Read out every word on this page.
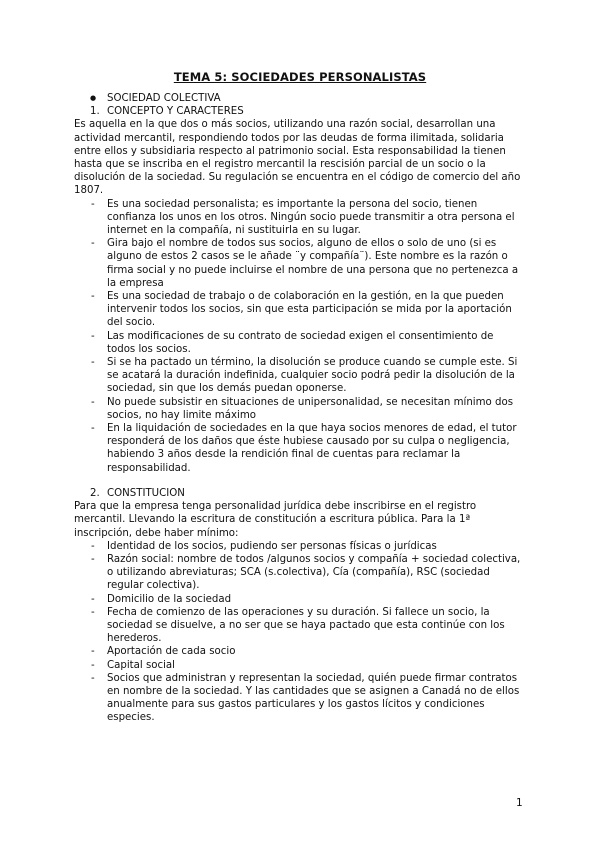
TEMA 5: SOCIEDADES PERSONALISTAS

● SOCIEDAD COLECTIVA

1. CONCEPTO Y CARACTERES

Es aquella en la que dos o más socios, utilizando una razón social, desarrollan una actividad mercantil, respondiendo todos por las deudas de forma ilimitada, solidaria entre ellos y subsidiaria respecto al patrimonio social. Esta responsabilidad la tienen hasta que se inscriba en el registro mercantil la rescisión parcial de un socio o la disolución de la sociedad. Su regulación se encuentra en el código de comercio del año 1807.

- Es una sociedad personalista; es importante la persona del socio, tienen confianza los unos en los otros. Ningún socio puede transmitir a otra persona el internet en la compañía, ni sustituirla en su lugar.
- Gira bajo el nombre de todos sus socios, alguno de ellos o solo de uno (si es alguno de estos 2 casos se le añade ¨y compañía¨). Este nombre es la razón o firma social y no puede incluirse el nombre de una persona que no pertenezca a la empresa
- Es una sociedad de trabajo o de colaboración en la gestión, en la que pueden intervenir todos los socios, sin que esta participación se mida por la aportación del socio.
- Las modificaciones de su contrato de sociedad exigen el consentimiento de todos los socios.
- Si se ha pactado un término, la disolución se produce cuando se cumple este. Si se acatará la duración indefinida, cualquier socio podrá pedir la disolución de la sociedad, sin que los demás puedan oponerse.
- No puede subsistir en situaciones de unipersonalidad, se necesitan mínimo dos socios, no hay limite máximo
- En la liquidación de sociedades en la que haya socios menores de edad, el tutor responderá de los daños que éste hubiese causado por su culpa o negligencia, habiendo 3 años desde la rendición final de cuentas para reclamar la responsabilidad.

2. CONSTITUCION

Para que la empresa tenga personalidad jurídica debe inscribirse en el registro mercantil. Llevando la escritura de constitución a escritura pública. Para la 1ª inscripción, debe haber mínimo:

- Identidad de los socios, pudiendo ser personas físicas o jurídicas
- Razón social: nombre de todos /algunos socios y compañía + sociedad colectiva, o utilizando abreviaturas; SCA (s.colectiva), Cía (compañía), RSC (sociedad regular colectiva).
- Domicilio de la sociedad
- Fecha de comienzo de las operaciones y su duración. Si fallece un socio, la sociedad se disuelve, a no ser que se haya pactado que esta continúe con los herederos.
- Aportación de cada socio
- Capital social
- Socios que administran y representan la sociedad, quién puede firmar contratos en nombre de la sociedad. Y las cantidades que se asignen a Canadá no de ellos anualmente para sus gastos particulares y los gastos lícitos y condiciones especies.
1
